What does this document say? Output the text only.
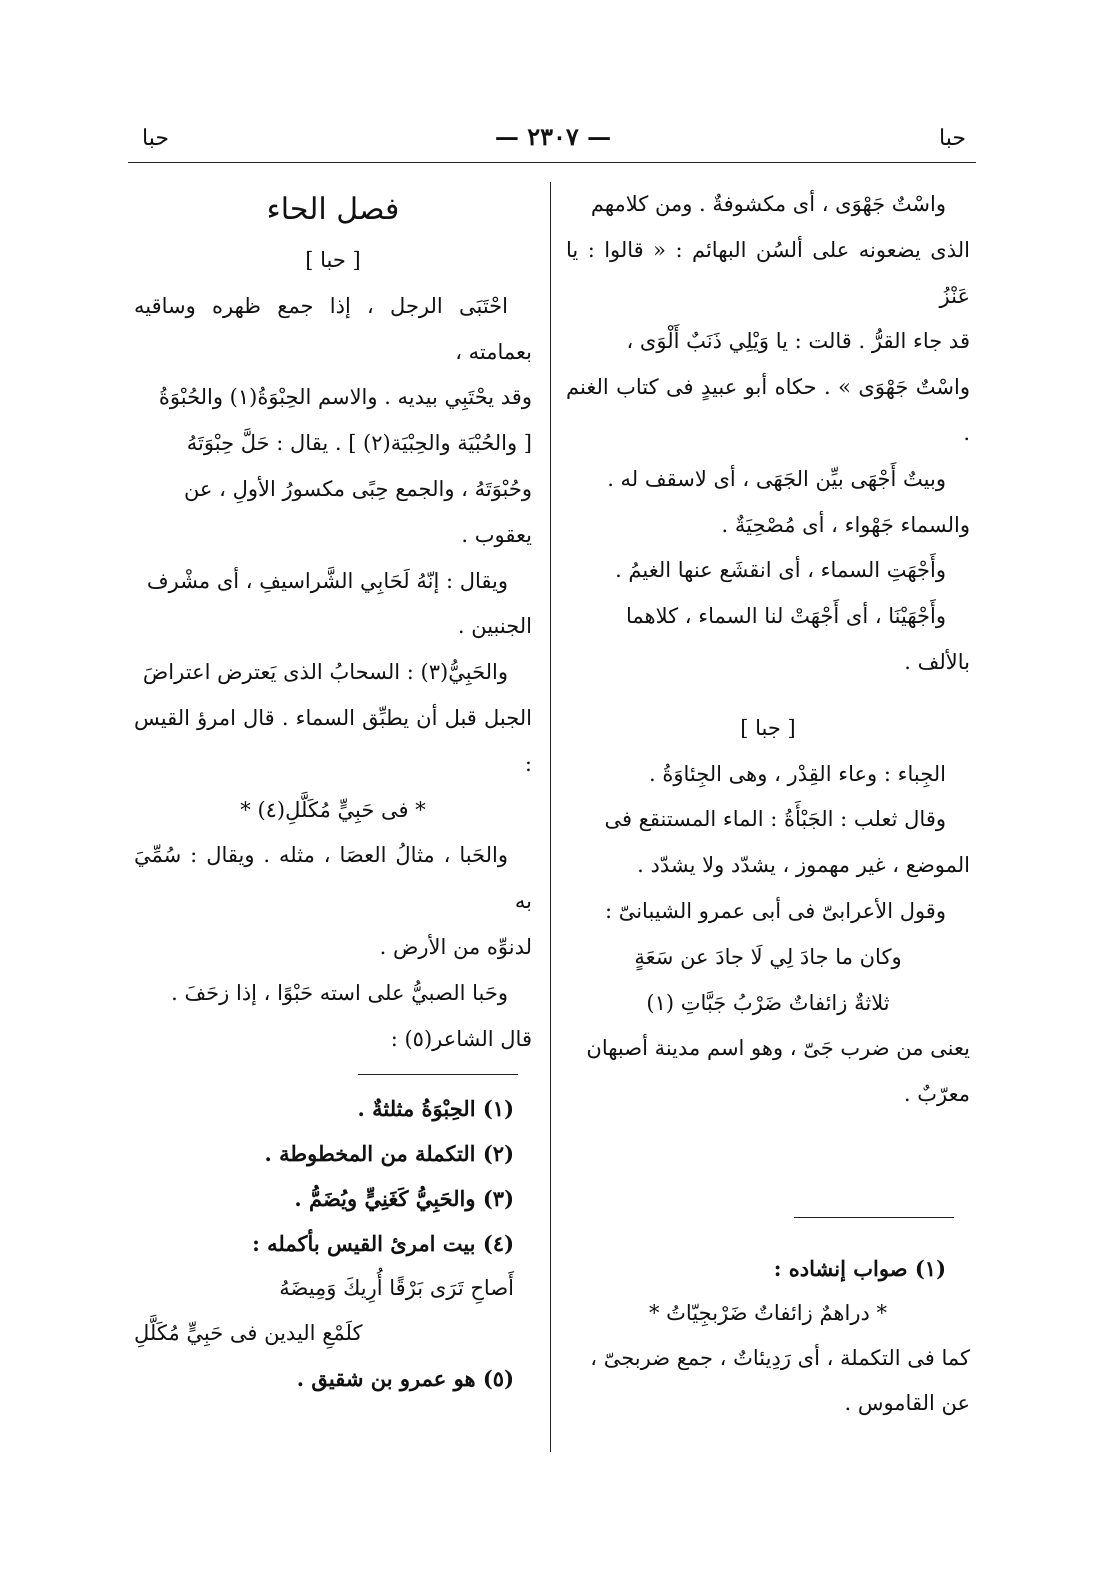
حبا
— ٢٣٠٧ —
حبا

واسْتٌ جَهْوَى ، أى مكشوفةٌ . ومن كلامهم

الذى يضعونه على ألسُن البهائم : « قالوا : يا عَنْزُ

قد جاء القرُّ . قالت : يا وَيْلِي ذَنَبٌ أَلْوَى ،

واسْتٌ جَهْوَى » . حكاه أبو عبيدٍ فى كتاب الغنم .

وبيتٌ أَجْهَى بيِّن الجَهَى ، أى لاسقف له .

والسماء جَهْواء ، أى مُصْحِيَةٌ .

وأَجْهَتِ السماء ، أى انقشَع عنها الغيمُ .

وأَجْهَيْنَا ، أى أَجْهَتْ لنا السماء ، كلاهما

بالألف .

[ جبا ]

الجِباء : وعاء القِدْر ، وهى الجِئاوَةُ .

وقال ثعلب : الجَبْأَةُ : الماء المستنقع فى

الموضع ، غير مهموز ، يشدّد ولا يشدّد .

وقول الأعرابىّ فى أبى عمرو الشيبانىّ :

وكان ما جادَ لِي لَا جادَ عن سَعَةٍ

ثلاثةٌ زائفاتٌ ضَرْبُ جَبَّاتِ (١)

يعنى من ضرب جَىّ ، وهو اسم مدينة أصبهان

معرّبٌ .

(١) صواب إنشاده :

* دراهمٌ زائفاتٌ ضَرْبجِيّاتُ *

كما فى التكملة ، أى رَدِيئاتٌ ، جمع ضربجىّ ،

عن القاموس .

فصل الحاء

[ حبا ]

احْتَبَى الرجل ، إذا جمع ظهره وساقيه بعمامته ،

وقد يحْتَبِي بيديه . والاسم الحِبْوَةُ(١) والحُبْوَةُ

[ والحُبْيَة والحِبْيَة(٢) ] . يقال : حَلَّ حِبْوَتَهُ

وحُبْوَتَهُ ، والجمع حِبًى مكسورُ الأولِ ، عن

يعقوب .

ويقال : إنّهُ لَحَابِي الشَّراسيفِ ، أى مشْرف

الجنبين .

والحَبِيُّ(٣) : السحابُ الذى يَعترض اعتراضَ

الجبل قبل أن يطبِّق السماء . قال امرؤ القيس :

* فى حَبِيٍّ مُكَلَّلِ(٤) *

والحَبا ، مثالُ العصَا ، مثله . ويقال : سُمِّيَ به

لدنوِّه من الأرض .

وحَبا الصبيُّ على استه حَبْوًا ، إذا زحَفَ .

قال الشاعر(٥) :

(١) الحِبْوَةُ مثلثةٌ .

(٢) التكملة من المخطوطة .

(٣) والحَبِيُّ كَغَنِيٍّ ويُضَمُّ .

(٤) بيت امرئ القيس بأكمله :

أَصاحِ تَرَى بَرْقًا أُرِيكَ وَمِيضَهُ

كلَمْعِ اليدين فى حَبِيٍّ مُكَلَّلِ

(٥) هو عمرو بن شقيق .
